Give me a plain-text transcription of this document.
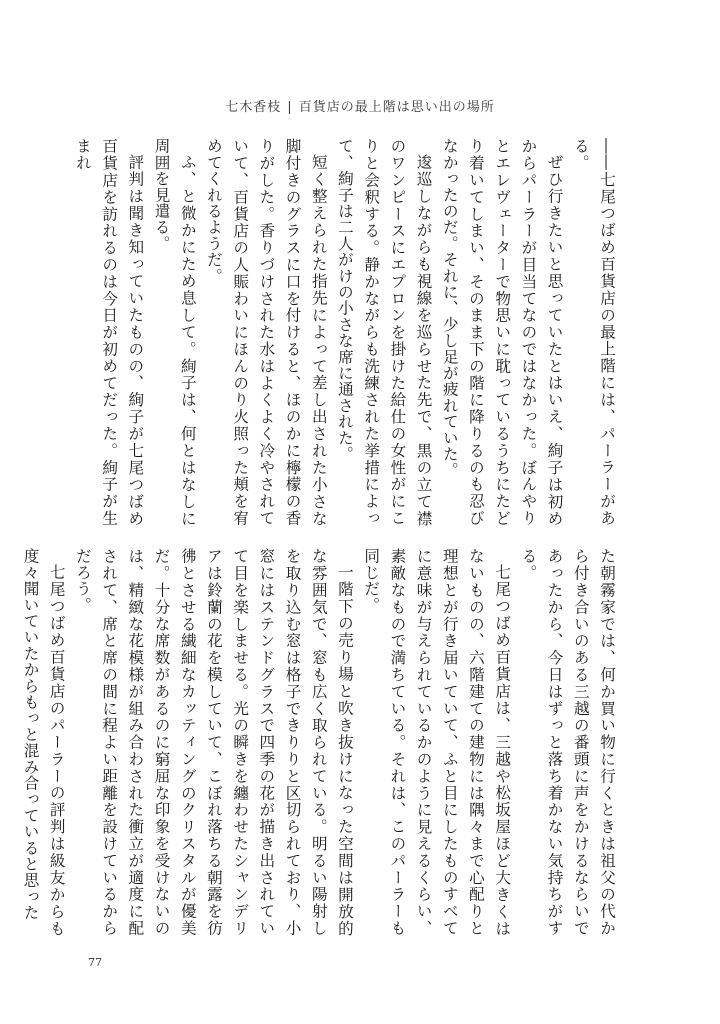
七木香枝 | 百貨店の最上階は思い出の場所

――七尾つばめ百貨店の最上階には、パーラーがある。

ぜひ行きたいと思っていたとはいえ、絢子は初めからパーラーが目当てなのではなかった。ぼんやりとエレヴェーターで物思いに耽っているうちにたどり着いてしまい、そのまま下の階に降りるのも忍びなかったのだ。それに、少し足が疲れていた。

逡巡しながらも視線を巡らせた先で、黒の立て襟のワンピースにエプロンを掛けた給仕の女性がにこりと会釈する。静かながらも洗練された挙措によって、絢子は二人がけの小さな席に通された。

短く整えられた指先によって差し出された小さな脚付きのグラスに口を付けると、ほのかに檸檬の香りがした。香りづけされた水はよくよく冷やされていて、百貨店の人賑わいにほんのり火照った頬を宥めてくれるようだ。

ふ、と微かにため息して。絢子は、何とはなしに周囲を見遣る。

評判は聞き知っていたものの、絢子が七尾つばめ百貨店を訪れるのは今日が初めてだった。絢子が生まれ

た朝霧家では、何か買い物に行くときは祖父の代から付き合いのある三越の番頭に声をかけるならいであったから、今日はずっと落ち着かない気持ちがする。

七尾つばめ百貨店は、三越や松坂屋ほど大きくはないものの、六階建ての建物には隅々まで心配りと理想とが行き届いていて、ふと目にしたものすべてに意味が与えられているかのように見えるくらい、素敵なもので満ちている。それは、このパーラーも同じだ。

一階下の売り場と吹き抜けになった空間は開放的な雰囲気で、窓も広く取られている。明るい陽射しを取り込む窓は格子できりりと区切られており、小窓にはステンドグラスで四季の花が描き出されていて目を楽しませる。光の瞬きを纏わせたシャンデリアは鈴蘭の花を模していて、こぼれ落ちる朝露を彷彿とさせる繊細なカッティングのクリスタルが優美だ。十分な席数があるのに窮屈な印象を受けないのは、精緻な花模様が組み合わされた衝立が適度に配されて、席と席の間に程よい距離を設けているからだろう。

七尾つばめ百貨店のパーラーの評判は級友からも度々聞いていたからもっと混み合っていると思った

77
